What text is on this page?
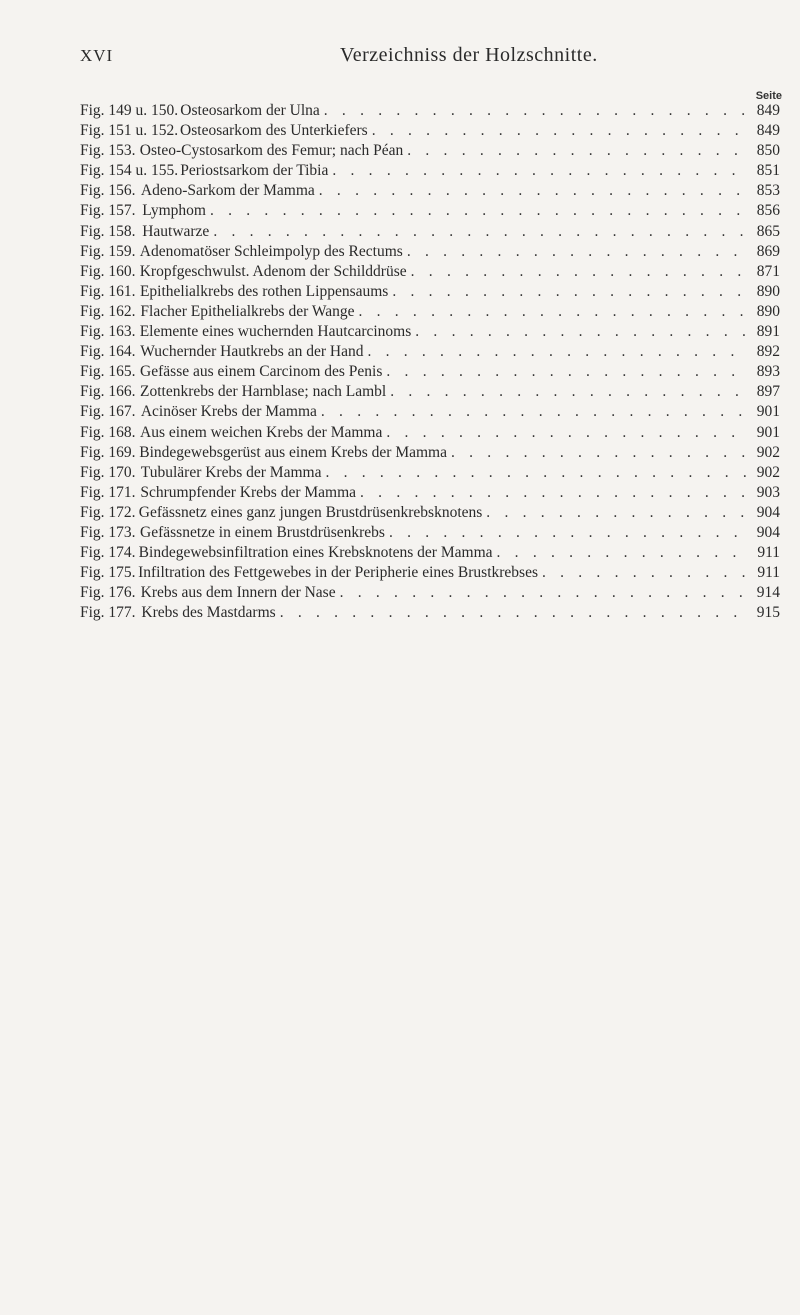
XVI	Verzeichniss der Holzschnitte.
Seite
Fig. 149 u. 150. Osteosarkom der Ulna . . .	849
Fig. 151 u. 152. Osteosarkom des Unterkiefers . . .	849
Fig. 153. Osteo-Cystosarkom des Femur; nach Péan . . .	850
Fig. 154 u. 155. Periostsarkom der Tibia . . .	851
Fig. 156. Adeno-Sarkom der Mamma . . .	853
Fig. 157. Lymphom . . .	856
Fig. 158. Hautwarze . . .	865
Fig. 159. Adenomatöser Schleimpolyp des Rectums . . .	869
Fig. 160. Kropfgeschwulst. Adenom der Schilddrüse . . .	871
Fig. 161. Epithelialkrebs des rothen Lippensaums . . .	890
Fig. 162. Flacher Epithelialkrebs der Wange . . .	890
Fig. 163. Elemente eines wuchernden Hautcarcinoms . . .	891
Fig. 164. Wuchernder Hautkrebs an der Hand . . .	892
Fig. 165. Gefässe aus einem Carcinom des Penis . . .	893
Fig. 166. Zottenkrebs der Harnblase; nach Lambl . . .	897
Fig. 167. Acinöser Krebs der Mamma . . .	901
Fig. 168. Aus einem weichen Krebs der Mamma . . .	901
Fig. 169. Bindegewebsgerüst aus einem Krebs der Mamma . . .	902
Fig. 170. Tubulärer Krebs der Mamma . . .	902
Fig. 171. Schrumpfender Krebs der Mamma . . .	903
Fig. 172. Gefässnetz eines ganz jungen Brustdrüsenkrebsknotens . . .	904
Fig. 173. Gefässnetze in einem Brustdrüsenkrebs . . .	904
Fig. 174. Bindegewebsinfiltration eines Krebsknotens der Mamma . . .	911
Fig. 175. Infiltration des Fettgewebes in der Peripherie eines Brustkrebses . . .	911
Fig. 176. Krebs aus dem Innern der Nase . . .	914
Fig. 177. Krebs des Mastdarms . . .	915
